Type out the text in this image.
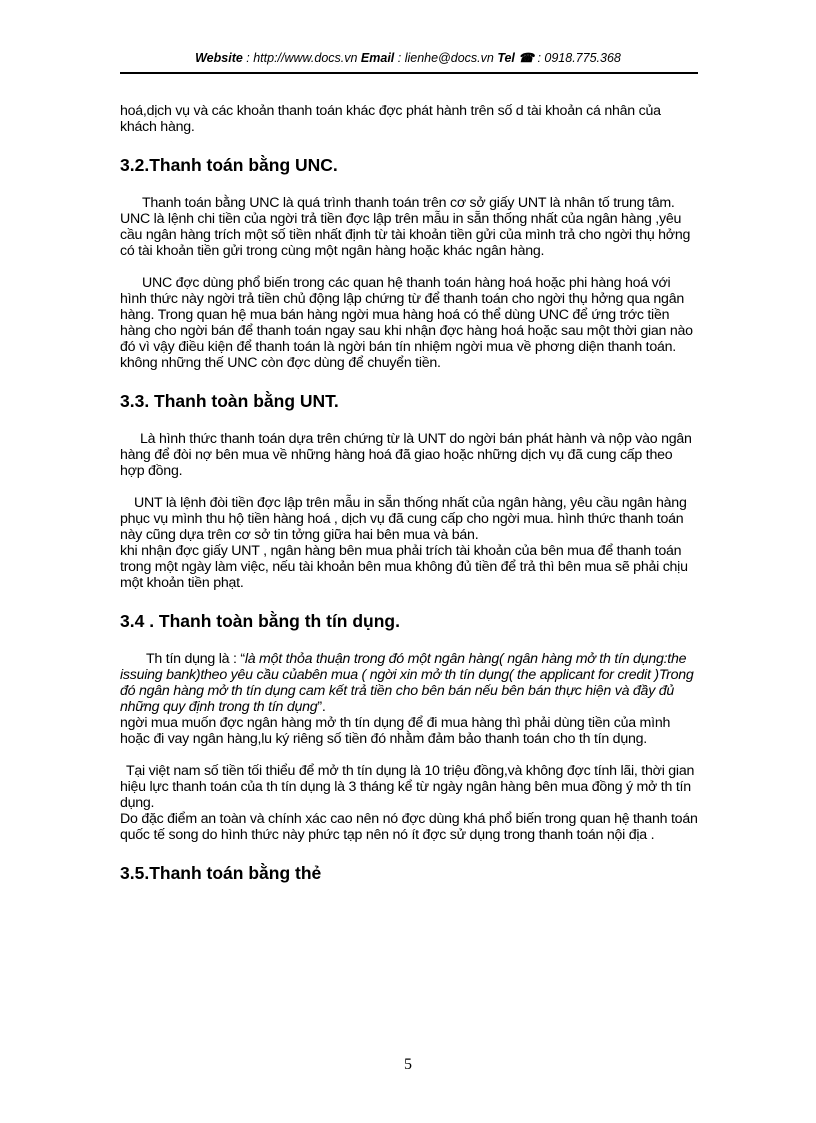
Website : http://www.docs.vn Email : lienhe@docs.vn Tel ☎ : 0918.775.368

hoá,dịch vụ và các khoản thanh toán khác đợc phát hành trên số d tài khoản cá nhân của khách hàng.

3.2.Thanh toán bằng UNC.

Thanh toán bằng UNC là quá trình thanh toán trên cơ sở giấy UNT là nhân tố trung tâm.

UNC là lệnh chi tiền của ngời trả tiền đợc lập trên mẫu in sẵn thống nhất của ngân hàng ,yêu cầu ngân hàng trích một số tiền nhất định từ tài khoản tiền gửi của mình trả cho ngời thụ hởng có tài khoản tiền gửi trong cùng một ngân hàng hoặc khác ngân hàng.

UNC đợc dùng phổ biến trong các quan hệ thanh toán hàng hoá hoặc phi hàng hoá với hình thức này ngời trả tiền chủ động lập chứng từ để thanh toán cho ngời thụ hởng qua ngân hàng. Trong quan hệ mua bán hàng ngời mua hàng hoá có thể dùng UNC để ứng trớc tiền hàng cho ngời bán để thanh toán ngay sau khi nhận đợc hàng hoá hoặc sau một thời gian nào đó vì vậy điều kiện để thanh toán là ngời bán tín nhiệm ngời mua về phơng diện thanh toán. không những thế UNC còn đợc dùng để chuyển tiền.

3.3. Thanh toàn bằng UNT.

Là hình thức thanh toán dựa trên chứng từ là UNT do ngời bán phát hành và nộp vào ngân hàng để đòi nợ bên mua về những hàng hoá đã giao hoặc những dịch vụ đã cung cấp theo hợp đồng.

UNT là lệnh đòi tiền đợc lập trên mẫu in sẵn thống nhất của ngân hàng, yêu cầu ngân hàng phục vụ mình thu hộ tiền hàng hoá , dịch vụ đã cung cấp cho ngời mua. hình thức thanh toán này cũng dựa trên cơ sở tin tởng giữa hai bên mua và bán.

khi nhận đợc giấy UNT , ngân hàng bên mua phải trích tài khoản của bên mua để thanh toán trong một ngày làm việc, nếu tài khoản bên mua không đủ tiền để trả thì bên mua sẽ phải chịu một khoản tiền phạt.

3.4 . Thanh toàn bằng th tín dụng.

Th tín dụng là : “là một thỏa thuận trong đó một ngân hàng( ngân hàng mở th tín dụng:the issuing bank)theo yêu cầu củabên mua ( ngời xin mở th tín dụng( the applicant for credit )Trong đó ngân hàng mở th tín dụng cam kết trả tiền cho bên bán nếu bên bán thực hiện và đầy đủ những quy định trong th tín dụng”.

ngời mua muốn đợc ngân hàng mở th tín dụng để đi mua hàng thì phải dùng tiền của mình hoặc đi vay ngân hàng,lu ký riêng số tiền đó nhằm đảm bảo thanh toán cho th tín dụng.

Tại việt nam số tiền tối thiểu để mở th tín dụng là 10 triệu đồng,và không đợc tính lãi, thời gian hiệu lực thanh toán của th tín dụng là 3 tháng kể từ ngày ngân hàng bên mua đồng ý mở th tín dụng.

Do đặc điểm an toàn và chính xác cao nên nó đợc dùng khá phổ biến trong quan hệ thanh toán quốc tế song do hình thức này phức tạp nên nó ít đợc sử dụng trong thanh toán nội địa .

3.5.Thanh toán bằng thẻ
5
